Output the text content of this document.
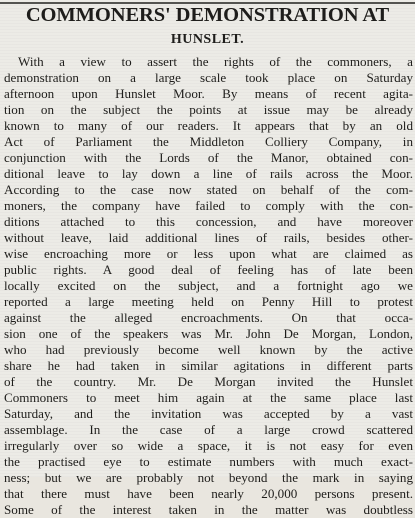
COMMONERS' DEMONSTRATION AT
HUNSLET.
With a view to assert the rights of the commoners, a
demonstration on a large scale took place on Saturday
afternoon upon Hunslet Moor. By means of recent agita-
tion on the subject the points at issue may be already
known to many of our readers. It appears that by an old
Act of Parliament the Middleton Colliery Company, in
conjunction with the Lords of the Manor, obtained con-
ditional leave to lay down a line of rails across the Moor.
According to the case now stated on behalf of the com-
moners, the company have failed to comply with the con-
ditions attached to this concession, and have moreover
without leave, laid additional lines of rails, besides other-
wise encroaching more or less upon what are claimed as
public rights. A good deal of feeling has of late been
locally excited on the subject, and a fortnight ago we
reported a large meeting held on Penny Hill to protest
against the alleged encroachments. On that occa-
sion one of the speakers was Mr. John De Morgan, London,
who had previously become well known by the active
share he had taken in similar agitations in different parts
of the country. Mr. De Morgan invited the Hunslet
Commoners to meet him again at the same place last
Saturday, and the invitation was accepted by a vast
assemblage. In the case of a large crowd scattered
irregularly over so wide a space, it is not easy for even
the practised eye to estimate numbers with much exact-
ness; but we are probably not beyond the mark in saying
that there must have been nearly 20,000 persons present.
Some of the interest taken in the matter was doubtless
